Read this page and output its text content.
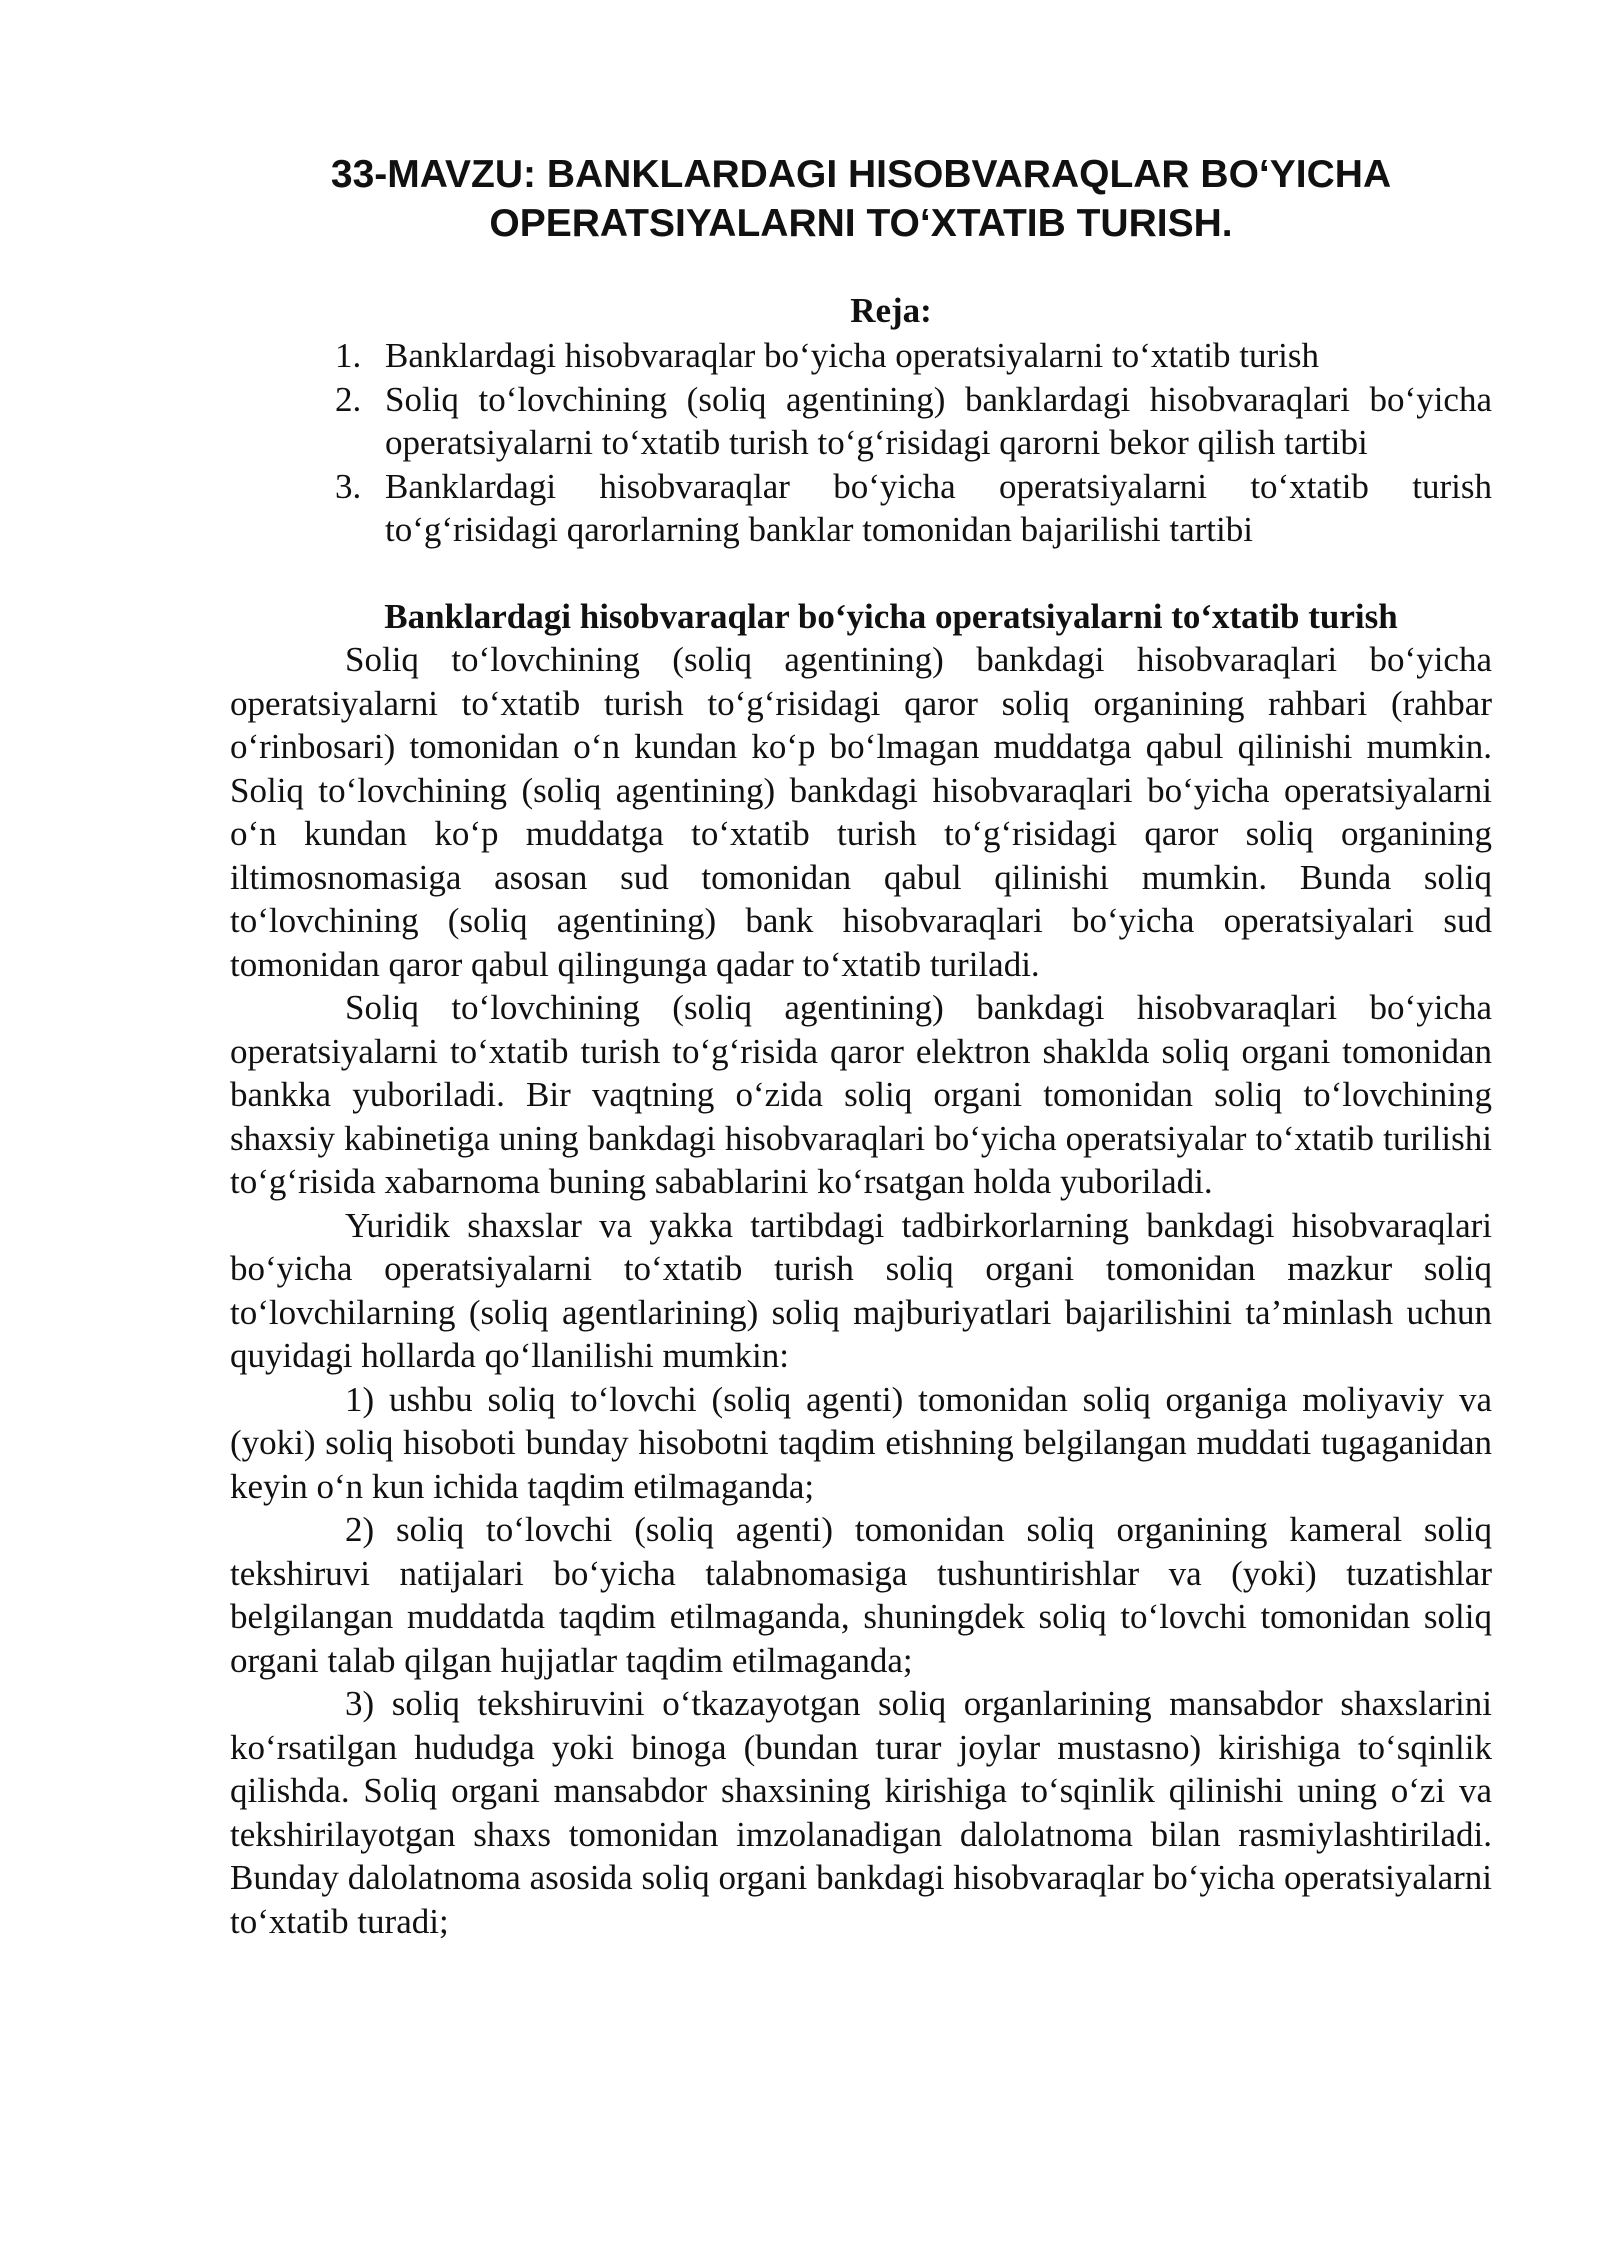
33-MAVZU: BANKLARDAGI HISOBVARAQLAR BO‘YICHA
OPERATSIYALARNI TO‘XTATIB TURISH.
Reja:
1. Banklardagi hisobvaraqlar bo‘yicha operatsiyalarni to‘xtatib turish
2. Soliq to‘lovchining (soliq agentining) banklardagi hisobvaraqlari bo‘yicha operatsiyalarni to‘xtatib turish to‘g‘risidagi qarorni bekor qilish tartibi
3. Banklardagi hisobvaraqlar bo‘yicha operatsiyalarni to‘xtatib turish to‘g‘risidagi qarorlarning banklar tomonidan bajarilishi tartibi
Banklardagi hisobvaraqlar bo‘yicha operatsiyalarni to‘xtatib turish

Soliq to‘lovchining (soliq agentining) bankdagi hisobvaraqlari bo‘yicha operatsiyalarni to‘xtatib turish to‘g‘risidagi qaror soliq organining rahbari (rahbar o‘rinbosari) tomonidan o‘n kundan ko‘p bo‘lmagan muddatga qabul qilinishi mumkin. Soliq to‘lovchining (soliq agentining) bankdagi hisobvaraqlari bo‘yicha operatsiyalarni o‘n kundan ko‘p muddatga to‘xtatib turish to‘g‘risidagi qaror soliq organining iltimosnomasiga asosan sud tomonidan qabul qilinishi mumkin. Bunda soliq to‘lovchining (soliq agentining) bank hisobvaraqlari bo‘yicha operatsiyalari sud tomonidan qaror qabul qilingunga qadar to‘xtatib turiladi.

Soliq to‘lovchining (soliq agentining) bankdagi hisobvaraqlari bo‘yicha operatsiyalarni to‘xtatib turish to‘g‘risida qaror elektron shaklda soliq organi tomonidan bankka yuboriladi. Bir vaqtning o‘zida soliq organi tomonidan soliq to‘lovchining shaxsiy kabinetiga uning bankdagi hisobvaraqlari bo‘yicha operatsiyalar to‘xtatib turilishi to‘g‘risida xabarnoma buning sabablarini ko‘rsatgan holda yuboriladi.

Yuridik shaxslar va yakka tartibdagi tadbirkorlarning bankdagi hisobvaraqlari bo‘yicha operatsiyalarni to‘xtatib turish soliq organi tomonidan mazkur soliq to‘lovchilarning (soliq agentlarining) soliq majburiyatlari bajarilishini ta’minlash uchun quyidagi hollarda qo‘llanilishi mumkin:

1) ushbu soliq to‘lovchi (soliq agenti) tomonidan soliq organiga moliyaviy va (yoki) soliq hisoboti bunday hisobotni taqdim etishning belgilangan muddati tugaganidan keyin o‘n kun ichida taqdim etilmaganda;

2) soliq to‘lovchi (soliq agenti) tomonidan soliq organining kameral soliq tekshiruvi natijalari bo‘yicha talabnomasiga tushuntirishlar va (yoki) tuzatishlar belgilangan muddatda taqdim etilmaganda, shuningdek soliq to‘lovchi tomonidan soliq organi talab qilgan hujjatlar taqdim etilmaganda;

3) soliq tekshiruvini o‘tkazayotgan soliq organlarining mansabdor shaxslarini ko‘rsatilgan hududga yoki binoga (bundan turar joylar mustasno) kirishiga to‘sqinlik qilishda. Soliq organi mansabdor shaxsining kirishiga to‘sqinlik qilinishi uning o‘zi va tekshirilayotgan shaxs tomonidan imzolanadigan dalolatnoma bilan rasmiylashtiriladi. Bunday dalolatnoma asosida soliq organi bankdagi hisobvaraqlar bo‘yicha operatsiyalarni to‘xtatib turadi;
